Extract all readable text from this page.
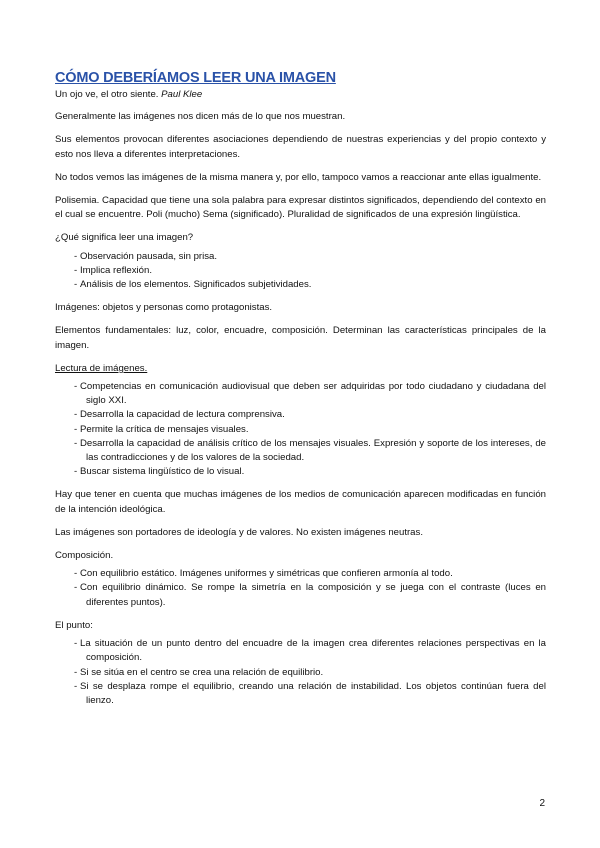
CÓMO DEBERÍAMOS LEER UNA IMAGEN

Un ojo ve, el otro siente. Paul Klee

Generalmente las imágenes nos dicen más de lo que nos muestran.

Sus elementos provocan diferentes asociaciones dependiendo de nuestras experiencias y del propio contexto y esto nos lleva a diferentes interpretaciones.

No todos vemos las imágenes de la misma manera y, por ello, tampoco vamos a reaccionar ante ellas igualmente.

Polisemia. Capacidad que tiene una sola palabra para expresar distintos significados, dependiendo del contexto en el cual se encuentre. Poli (mucho) Sema (significado). Pluralidad de significados de una expresión lingüística.

¿Qué significa leer una imagen?

- Observación pausada, sin prisa.
- Implica reflexión.
- Análisis de los elementos. Significados subjetividades.

Imágenes: objetos y personas como protagonistas.

Elementos fundamentales: luz, color, encuadre, composición. Determinan las características principales de la imagen.

Lectura de imágenes.

- Competencias en comunicación audiovisual que deben ser adquiridas por todo ciudadano y ciudadana del siglo XXI.
- Desarrolla la capacidad de lectura comprensiva.
- Permite la crítica de mensajes visuales.
- Desarrolla la capacidad de análisis crítico de los mensajes visuales. Expresión y soporte de los intereses, de las contradicciones y de los valores de la sociedad.
- Buscar sistema lingüístico de lo visual.

Hay que tener en cuenta que muchas imágenes de los medios de comunicación aparecen modificadas en función de la intención ideológica.

Las imágenes son portadores de ideología y de valores. No existen imágenes neutras.

Composición.

- Con equilibrio estático. Imágenes uniformes y simétricas que confieren armonía al todo.
- Con equilibrio dinámico. Se rompe la simetría en la composición y se juega con el contraste (luces en diferentes puntos).

El punto:

- La situación de un punto dentro del encuadre de la imagen crea diferentes relaciones perspectivas en la composición.
- Si se sitúa en el centro se crea una relación de equilibrio.
- Si se desplaza rompe el equilibrio, creando una relación de instabilidad. Los objetos continúan fuera del lienzo.
2
